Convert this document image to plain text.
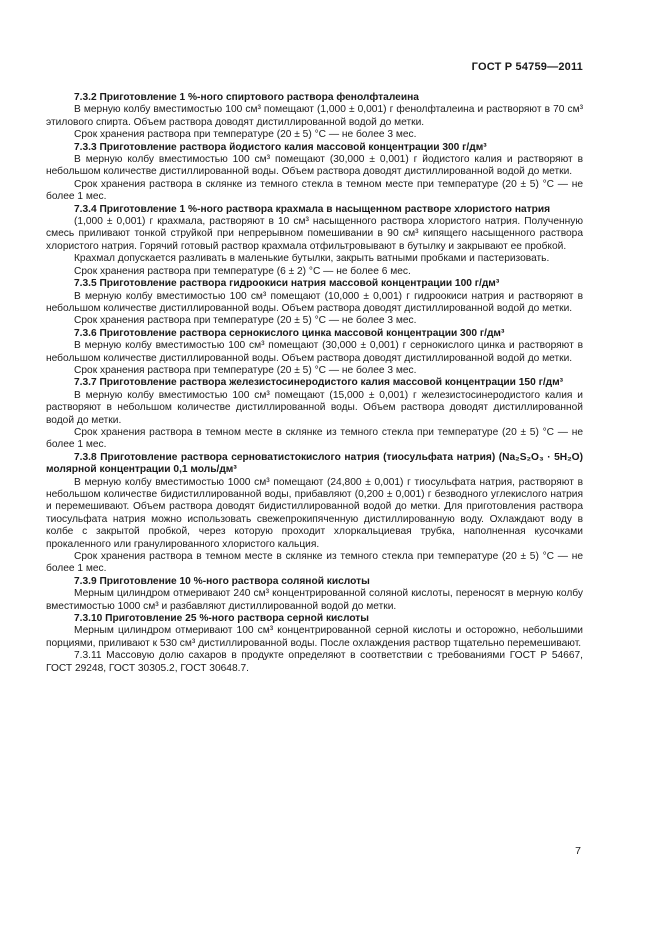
ГОСТ Р 54759—2011

7.3.2 Приготовление 1 %-ного спиртового раствора фенолфталеина

В мерную колбу вместимостью 100 см³ помещают (1,000 ± 0,001) г фенолфталеина и растворяют в 70 см³ этилового спирта. Объем раствора доводят дистиллированной водой до метки.

Срок хранения раствора при температуре (20 ± 5) °С — не более 3 мес.

7.3.3 Приготовление раствора йодистого калия массовой концентрации 300 г/дм³

В мерную колбу вместимостью 100 см³ помещают (30,000 ± 0,001) г йодистого калия и растворяют в небольшом количестве дистиллированной воды. Объем раствора доводят дистиллированной водой до метки.

Срок хранения раствора в склянке из темного стекла в темном месте при температуре (20 ± 5) °С — не более 1 мес.

7.3.4 Приготовление 1 %-ного раствора крахмала в насыщенном растворе хлористого натрия

(1,000 ± 0,001) г крахмала, растворяют в 10 см³ насыщенного раствора хлористого натрия. Полученную смесь приливают тонкой струйкой при непрерывном помешивании в 90 см³ кипящего насыщенного раствора хлористого натрия. Горячий готовый раствор крахмала отфильтровывают в бутылку и закрывают ее пробкой.

Крахмал допускается разливать в маленькие бутылки, закрыть ватными пробками и пастеризовать.

Срок хранения раствора при температуре (6 ± 2) °С — не более 6 мес.

7.3.5 Приготовление раствора гидроокиси натрия массовой концентрации 100 г/дм³

В мерную колбу вместимостью 100 см³ помещают (10,000 ± 0,001) г гидроокиси натрия и растворяют в небольшом количестве дистиллированной воды. Объем раствора доводят дистиллированной водой до метки.

Срок хранения раствора при температуре (20 ± 5) °С — не более 3 мес.

7.3.6 Приготовление раствора сернокислого цинка массовой концентрации 300 г/дм³

В мерную колбу вместимостью 100 см³ помещают (30,000 ± 0,001) г сернокислого цинка и растворяют в небольшом количестве дистиллированной воды. Объем раствора доводят дистиллированной водой до метки.

Срок хранения раствора при температуре (20 ± 5) °С — не более 3 мес.

7.3.7 Приготовление раствора железистосинеродистого калия массовой концентрации 150 г/дм³

В мерную колбу вместимостью 100 см³ помещают (15,000 ± 0,001) г железистосинеродистого калия и растворяют в небольшом количестве дистиллированной воды. Объем раствора доводят дистиллированной водой до метки.

Срок хранения раствора в темном месте в склянке из темного стекла при температуре (20 ± 5) °С — не более 1 мес.

7.3.8 Приготовление раствора серноватистокислого натрия (тиосульфата натрия) (Na₂S₂O₃ · 5H₂O) молярной концентрации 0,1 моль/дм³

В мерную колбу вместимостью 1000 см³ помещают (24,800 ± 0,001) г тиосульфата натрия, растворяют в небольшом количестве бидистиллированной воды, прибавляют (0,200 ± 0,001) г безводного углекислого натрия и перемешивают. Объем раствора доводят бидистиллированной водой до метки. Для приготовления раствора тиосульфата натрия можно использовать свежепрокипяченную дистиллированную воду. Охлаждают воду в колбе с закрытой пробкой, через которую проходит хлоркальциевая трубка, наполненная кусочками прокаленного или гранулированного хлористого кальция.

Срок хранения раствора в темном месте в склянке из темного стекла при температуре (20 ± 5) °С — не более 1 мес.

7.3.9 Приготовление 10 %-ного раствора соляной кислоты

Мерным цилиндром отмеривают 240 см³ концентрированной соляной кислоты, переносят в мерную колбу вместимостью 1000 см³ и разбавляют дистиллированной водой до метки.

7.3.10 Приготовление 25 %-ного раствора серной кислоты

Мерным цилиндром отмеривают 100 см³ концентрированной серной кислоты и осторожно, небольшими порциями, приливают к 530 см³ дистиллированной воды. После охлаждения раствор тщательно перемешивают.

7.3.11 Массовую долю сахаров в продукте определяют в соответствии с требованиями ГОСТ Р 54667, ГОСТ 29248, ГОСТ 30305.2, ГОСТ 30648.7.

7
